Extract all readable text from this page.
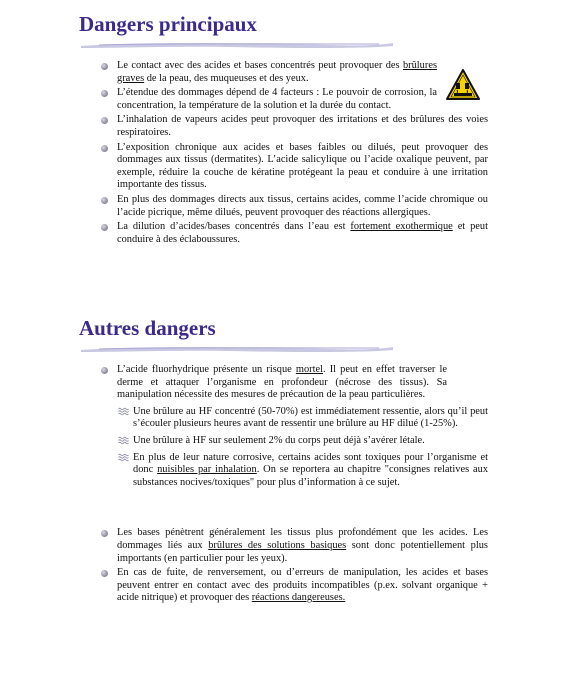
Dangers principaux
Le contact avec des acides et bases concentrés peut provoquer des brûlures graves de la peau, des muqueuses et des yeux.
L’étendue des dommages dépend de 4 facteurs : Le pouvoir de corrosion, la concentration, la température de la solution et la durée du contact.
L’inhalation de vapeurs acides peut provoquer des irritations et des brûlures des voies respiratoires.
L’exposition chronique aux acides et bases faibles ou dilués, peut provoquer des dommages aux tissus (dermatites). L’acide salicylique ou l’acide oxalique peuvent, par exemple, réduire la couche de kératine protégeant la peau et conduire à une irritation importante des tissus.
En plus des dommages directs aux tissus, certains acides, comme l’acide chromique ou l’acide picrique, même dilués, peuvent provoquer des réactions allergiques.
La dilution d’acides/bases concentrés dans l’eau est fortement exothermique et peut conduire à des éclaboussures.
Autres dangers
L’acide fluorhydrique présente un risque mortel. Il peut en effet traverser le derme et attaquer l’organisme en profondeur (nécrose des tissus). Sa manipulation nécessite des mesures de précaution de la peau particulières.
Une brûlure au HF concentré (50-70%) est immédiatement ressentie, alors qu’il peut s’écouler plusieurs heures avant de ressentir une brûlure au HF dilué (1-25%).
Une brûlure à HF sur seulement 2% du corps peut déjà s’avérer létale.
En plus de leur nature corrosive, certains acides sont toxiques pour l’organisme et donc nuisibles par inhalation. On se reportera au chapitre "consignes relatives aux substances nocives/toxiques" pour plus d’information à ce sujet.
Les bases pénètrent généralement les tissus plus profondément que les acides. Les dommages liés aux brûlures des solutions basiques sont donc potentiellement plus importants (en particulier pour les yeux).
En cas de fuite, de renversement, ou d’erreurs de manipulation, les acides et bases peuvent entrer en contact avec des produits incompatibles (p.ex. solvant organique + acide nitrique) et provoquer des réactions dangereuses.
